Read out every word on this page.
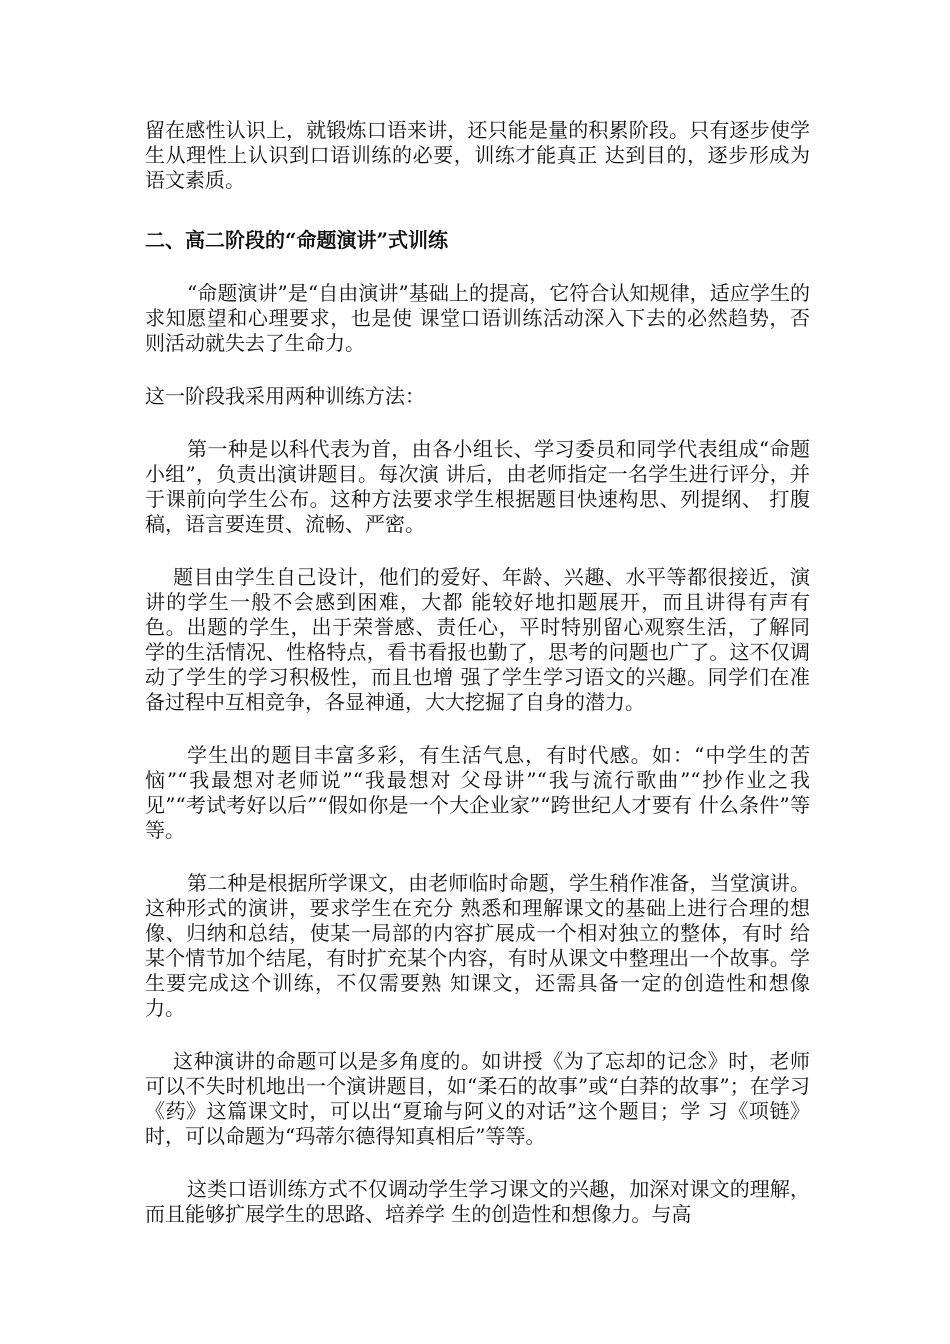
留在感性认识上，就锻炼口语来讲，还只能是量的积累阶段。只有逐步使学生从理性上认识到口语训练的必要，训练才能真正 达到目的，逐步形成为语文素质。

二、高二阶段的“命题演讲”式训练

“命题演讲”是“自由演讲”基础上的提高，它符合认知规律，适应学生的求知愿望和心理要求，也是使 课堂口语训练活动深入下去的必然趋势，否则活动就失去了生命力。

这一阶段我采用两种训练方法：

第一种是以科代表为首，由各小组长、学习委员和同学代表组成“命题小组”，负责出演讲题目。每次演 讲后，由老师指定一名学生进行评分，并于课前向学生公布。这种方法要求学生根据题目快速构思、列提纲、 打腹稿，语言要连贯、流畅、严密。

题目由学生自己设计，他们的爱好、年龄、兴趣、水平等都很接近，演讲的学生一般不会感到困难，大都 能较好地扣题展开，而且讲得有声有色。出题的学生，出于荣誉感、责任心，平时特别留心观察生活，了解同 学的生活情况、性格特点，看书看报也勤了，思考的问题也广了。这不仅调动了学生的学习积极性，而且也增 强了学生学习语文的兴趣。同学们在准备过程中互相竞争，各显神通，大大挖掘了自身的潜力。

学生出的题目丰富多彩，有生活气息，有时代感。如：“中学生的苦恼”“我最想对老师说”“我最想对 父母讲”“我与流行歌曲”“抄作业之我见”“考试考好以后”“假如你是一个大企业家”“跨世纪人才要有 什么条件”等等。

第二种是根据所学课文，由老师临时命题，学生稍作准备，当堂演讲。这种形式的演讲，要求学生在充分 熟悉和理解课文的基础上进行合理的想像、归纳和总结，使某一局部的内容扩展成一个相对独立的整体，有时 给某个情节加个结尾，有时扩充某个内容，有时从课文中整理出一个故事。学生要完成这个训练，不仅需要熟 知课文，还需具备一定的创造性和想像力。

这种演讲的命题可以是多角度的。如讲授《为了忘却的记念》时，老师可以不失时机地出一个演讲题目，如“柔石的故事”或“白莽的故事”；在学习《药》这篇课文时，可以出“夏瑜与阿义的对话”这个题目；学 习《项链》时，可以命题为“玛蒂尔德得知真相后”等等。

这类口语训练方式不仅调动学生学习课文的兴趣，加深对课文的理解，而且能够扩展学生的思路、培养学 生的创造性和想像力。与高
